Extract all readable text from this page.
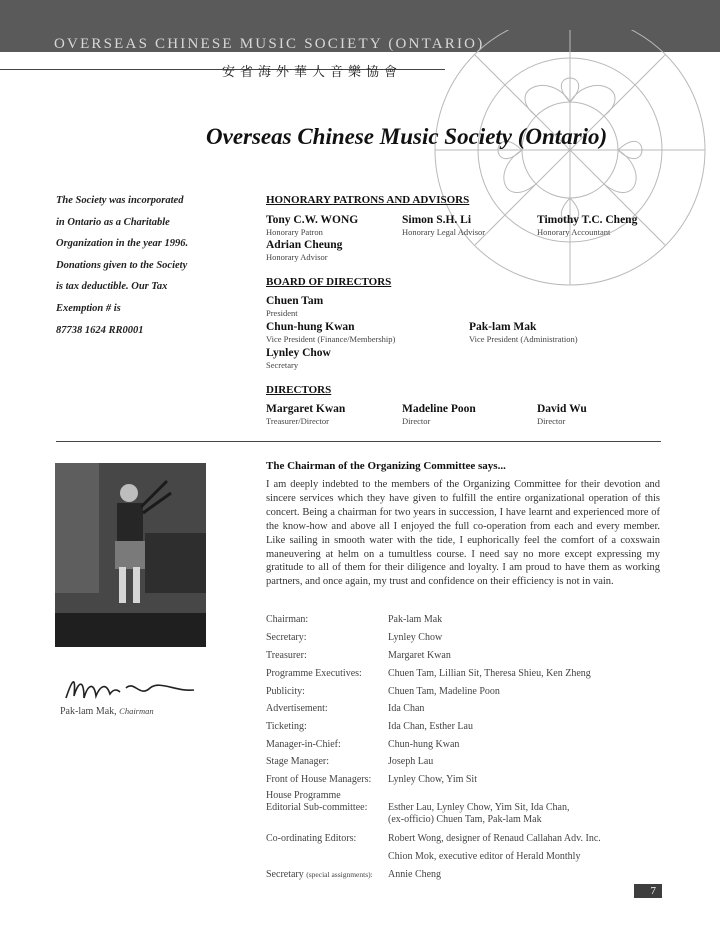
OVERSEAS CHINESE MUSIC SOCIETY (ONTARIO)
安省海外華人音樂協會
Overseas Chinese Music Society (Ontario)
The Society was incorporated
in Ontario as a Charitable
Organization in the year 1996.
Donations given to the Society
is tax deductible. Our Tax
Exemption # is
87738 1624 RR0001
HONORARY PATRONS AND ADVISORS
Tony C.W. WONG
Honorary Patron
Simon S.H. Li
Honorary Legal Advisor
Timothy T.C. Cheng
Honorary Accountant
Adrian Cheung
Honorary Advisor
BOARD OF DIRECTORS
Chuen Tam
President
Chun-hung Kwan
Vice President (Finance/Membership)
Pak-lam Mak
Vice President (Administration)
Lynley Chow
Secretary
DIRECTORS
Margaret Kwan
Treasurer/Director
Madeline Poon
Director
David Wu
Director
Pak-lam Mak, Chairman
The Chairman of the Organizing Committee says...
I am deeply indebted to the members of the Organizing Committee for their devotion and sincere services which they have given to fulfill the entire organizational operation of this concert. Being a chairman for two years in succession, I have learnt and experienced more of the know-how and above all I enjoyed the full co-operation from each and every member. Like sailing in smooth water with the tide, I euphorically feel the comfort of a coxswain maneuvering at helm on a tumultless course. I need say no more except expressing my gratitude to all of them for their diligence and loyalty. I am proud to have them as working partners, and once again, my trust and confidence on their efficiency is not in vain.
Chairman:	Pak-lam Mak
Secretary:	Lynley Chow
Treasurer:	Margaret Kwan
Programme Executives:	Chuen Tam, Lillian Sit, Theresa Shieu, Ken Zheng
Publicity:	Chuen Tam, Madeline Poon
Advertisement:	Ida Chan
Ticketing:	Ida Chan, Esther Lau
Manager-in-Chief:	Chun-hung Kwan
Stage Manager:	Joseph Lau
Front of House Managers: Lynley Chow, Yim Sit
House Programme
Editorial Sub-committee: Esther Lau, Lynley Chow, Yim Sit, Ida Chan,
(ex-officio) Chuen Tam, Pak-lam Mak
Co-ordinating Editors:	Robert Wong, designer of Renaud Callahan Adv. Inc.
Chion Mok, executive editor of Herald Monthly
Secretary (special assignments): Annie Cheng
7
